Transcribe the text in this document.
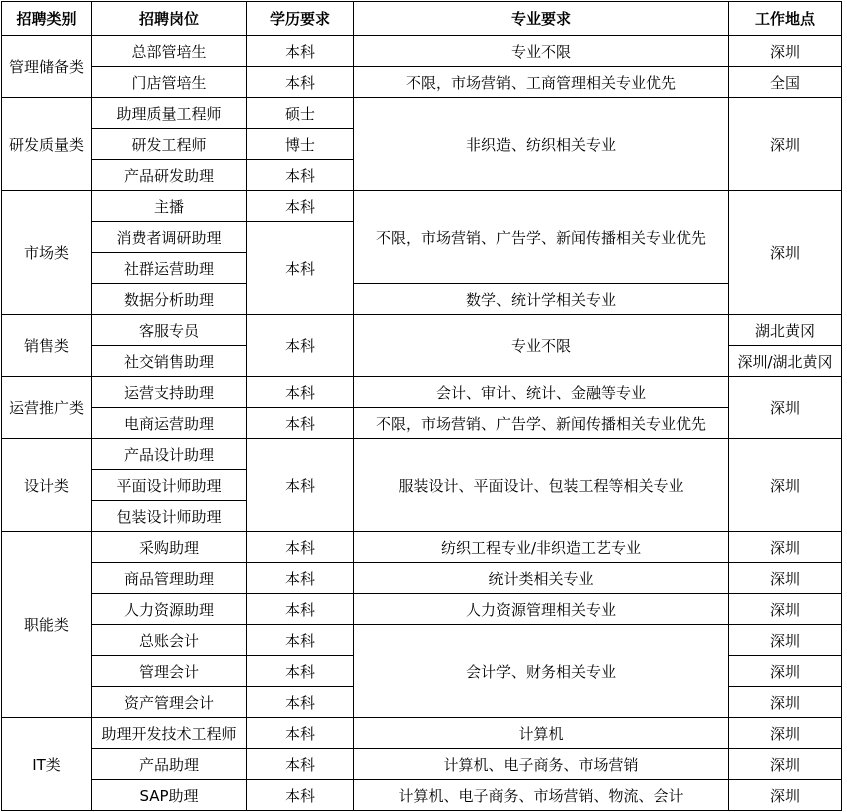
招聘类别	招聘岗位	学历要求	专业要求	工作地点
管理储备类	总部管培生	本科	专业不限	深圳
	门店管培生	本科	不限，市场营销、工商管理相关专业优先	全国
研发质量类	助理质量工程师	硕士	非织造、纺织相关专业	深圳
	研发工程师	博士		
	产品研发助理	本科		
市场类	主播	本科	不限，市场营销、广告学、新闻传播相关专业优先	深圳
	消费者调研助理	本科		
	社群运营助理			
	数据分析助理		数学、统计学相关专业	
销售类	客服专员	本科	专业不限	湖北黄冈
	社交销售助理			深圳/湖北黄冈
运营推广类	运营支持助理	本科	会计、审计、统计、金融等专业	深圳
	电商运营助理	本科	不限，市场营销、广告学、新闻传播相关专业优先	
设计类	产品设计助理	本科	服装设计、平面设计、包装工程等相关专业	深圳
	平面设计师助理			
	包装设计师助理			
职能类	采购助理	本科	纺织工程专业/非织造工艺专业	深圳
	商品管理助理	本科	统计类相关专业	深圳
	人力资源助理	本科	人力资源管理相关专业	深圳
	总账会计	本科	会计学、财务相关专业	深圳
	管理会计	本科		深圳
	资产管理会计	本科		深圳
IT类	助理开发技术工程师	本科	计算机	深圳
	产品助理	本科	计算机、电子商务、市场营销	深圳
	SAP助理	本科	计算机、电子商务、市场营销、物流、会计	深圳
